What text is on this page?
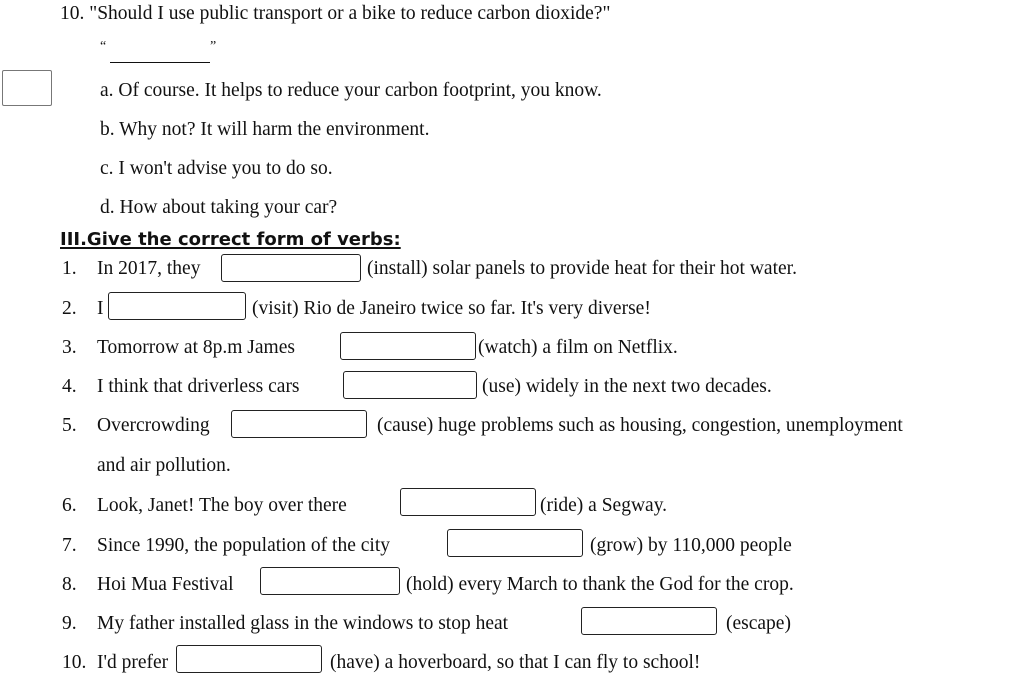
10. "Should I use public transport or a bike to reduce carbon dioxide?"
“	”
a. Of course. It helps to reduce your carbon footprint, you know.
b. Why not? It will harm the environment.
c. I won't advise you to do so.
d. How about taking your car?
III.Give the correct form of verbs:
1. In 2017, they	(install) solar panels to provide heat for their hot water.
2. I	(visit) Rio de Janeiro twice so far. It's very diverse!
3. Tomorrow at 8p.m James	(watch) a film on Netflix.
4. I think that driverless cars	(use) widely in the next two decades.
5. Overcrowding	(cause) huge problems such as housing, congestion, unemployment
and air pollution.
6. Look, Janet! The boy over there	(ride) a Segway.
7. Since 1990, the population of the city	(grow) by 110,000 people
8. Hoi Mua Festival	(hold) every March to thank the God for the crop.
9. My father installed glass in the windows to stop heat	(escape)
10. I'd prefer	(have) a hoverboard, so that I can fly to school!
